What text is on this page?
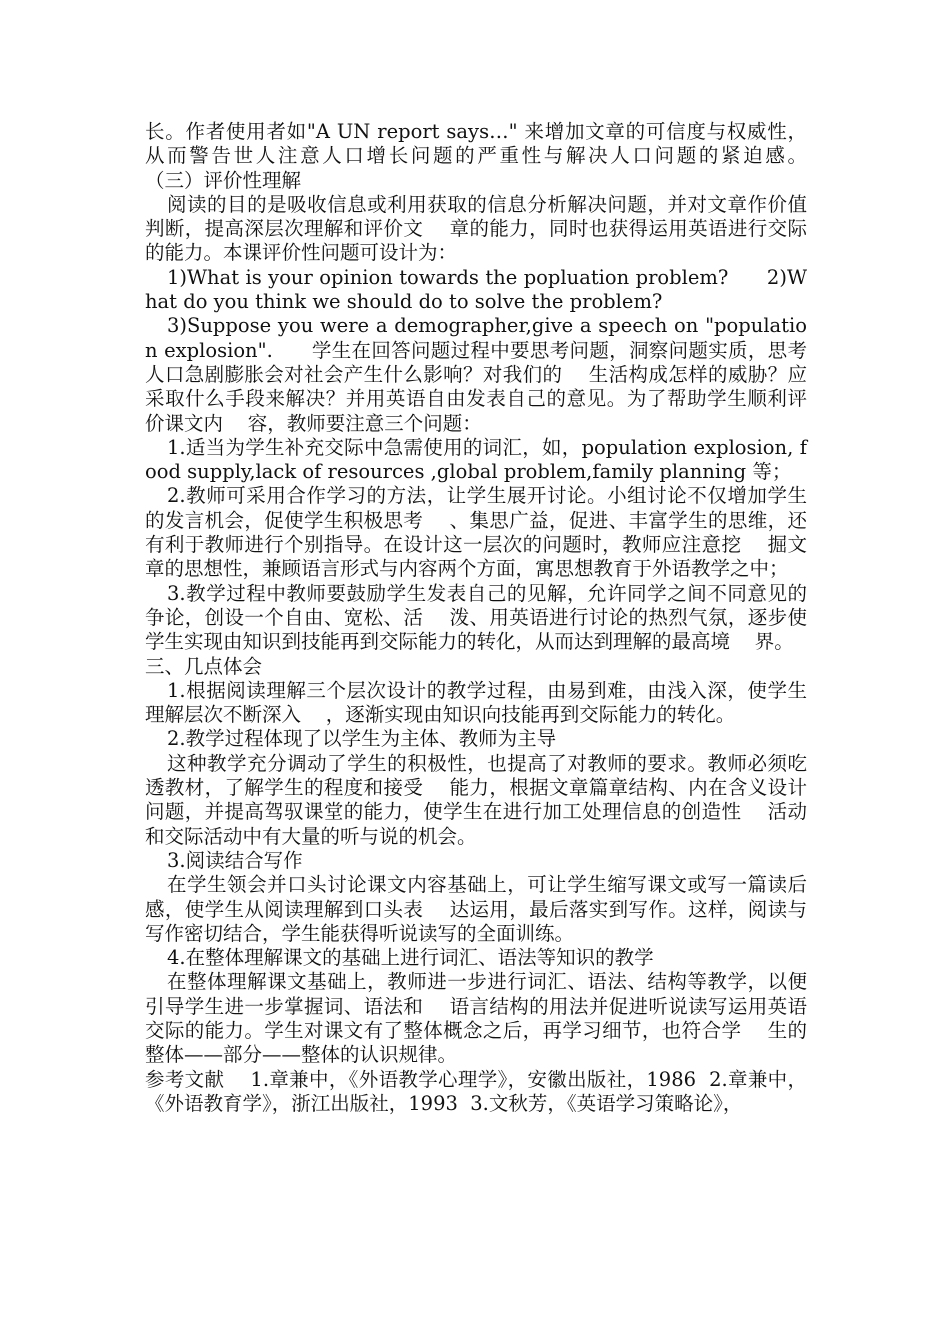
长。作者使用者如"A UN report says…" 来增加文章的可信度与权威性，从而警告世人注意人口增长问题的严重性与解决人口问题的紧迫感。                （三）评价性理解

阅读的目的是吸收信息或利用获取的信息分析解决问题，并对文章作价值判断，提高深层次理解和评价文    章的能力，同时也获得运用英语进行交际的能力。本课评价性问题可设计为：

1)What is your opinion towards the popluation problem?      2)What do you think we should do to solve the problem?

3)Suppose you were a demographer,give a speech on "population explosion".      学生在回答问题过程中要思考问题，洞察问题实质，思考人口急剧膨胀会对社会产生什么影响？对我们的    生活构成怎样的威胁？应采取什么手段来解决？并用英语自由发表自己的意见。为了帮助学生顺利评价课文内    容，教师要注意三个问题：

1.适当为学生补充交际中急需使用的词汇，如，population explosion, food supply,lack of resources ,global problem,family planning 等；

2.教师可采用合作学习的方法，让学生展开讨论。小组讨论不仅增加学生的发言机会，促使学生积极思考    、集思广益，促进、丰富学生的思维，还有利于教师进行个别指导。在设计这一层次的问题时，教师应注意挖    掘文章的思想性，兼顾语言形式与内容两个方面，寓思想教育于外语教学之中；

3.教学过程中教师要鼓励学生发表自己的见解，允许同学之间不同意见的争论，创设一个自由、宽松、活    泼、用英语进行讨论的热烈气氛，逐步使学生实现由知识到技能再到交际能力的转化，从而达到理解的最高境    界。

三、几点体会

1.根据阅读理解三个层次设计的教学过程，由易到难，由浅入深，使学生理解层次不断深入    ，逐渐实现由知识向技能再到交际能力的转化。

2.教学过程体现了以学生为主体、教师为主导

这种教学充分调动了学生的积极性，也提高了对教师的要求。教师必须吃透教材，了解学生的程度和接受    能力，根据文章篇章结构、内在含义设计问题，并提高驾驭课堂的能力，使学生在进行加工处理信息的创造性    活动和交际活动中有大量的听与说的机会。

3.阅读结合写作

在学生领会并口头讨论课文内容基础上，可让学生缩写课文或写一篇读后感，使学生从阅读理解到口头表    达运用，最后落实到写作。这样，阅读与写作密切结合，学生能获得听说读写的全面训练。

4.在整体理解课文的基础上进行词汇、语法等知识的教学

在整体理解课文基础上，教师进一步进行词汇、语法、结构等教学，以便引导学生进一步掌握词、语法和    语言结构的用法并促进听说读写运用英语交际的能力。学生对课文有了整体概念之后，再学习细节，也符合学    生的整体——部分——整体的认识规律。

参考文献    1.章兼中，《外语教学心理学》，安徽出版社，1986  2.章兼中，《外语教育学》，浙江出版社，1993  3.文秋芳，《英语学习策略论》，
